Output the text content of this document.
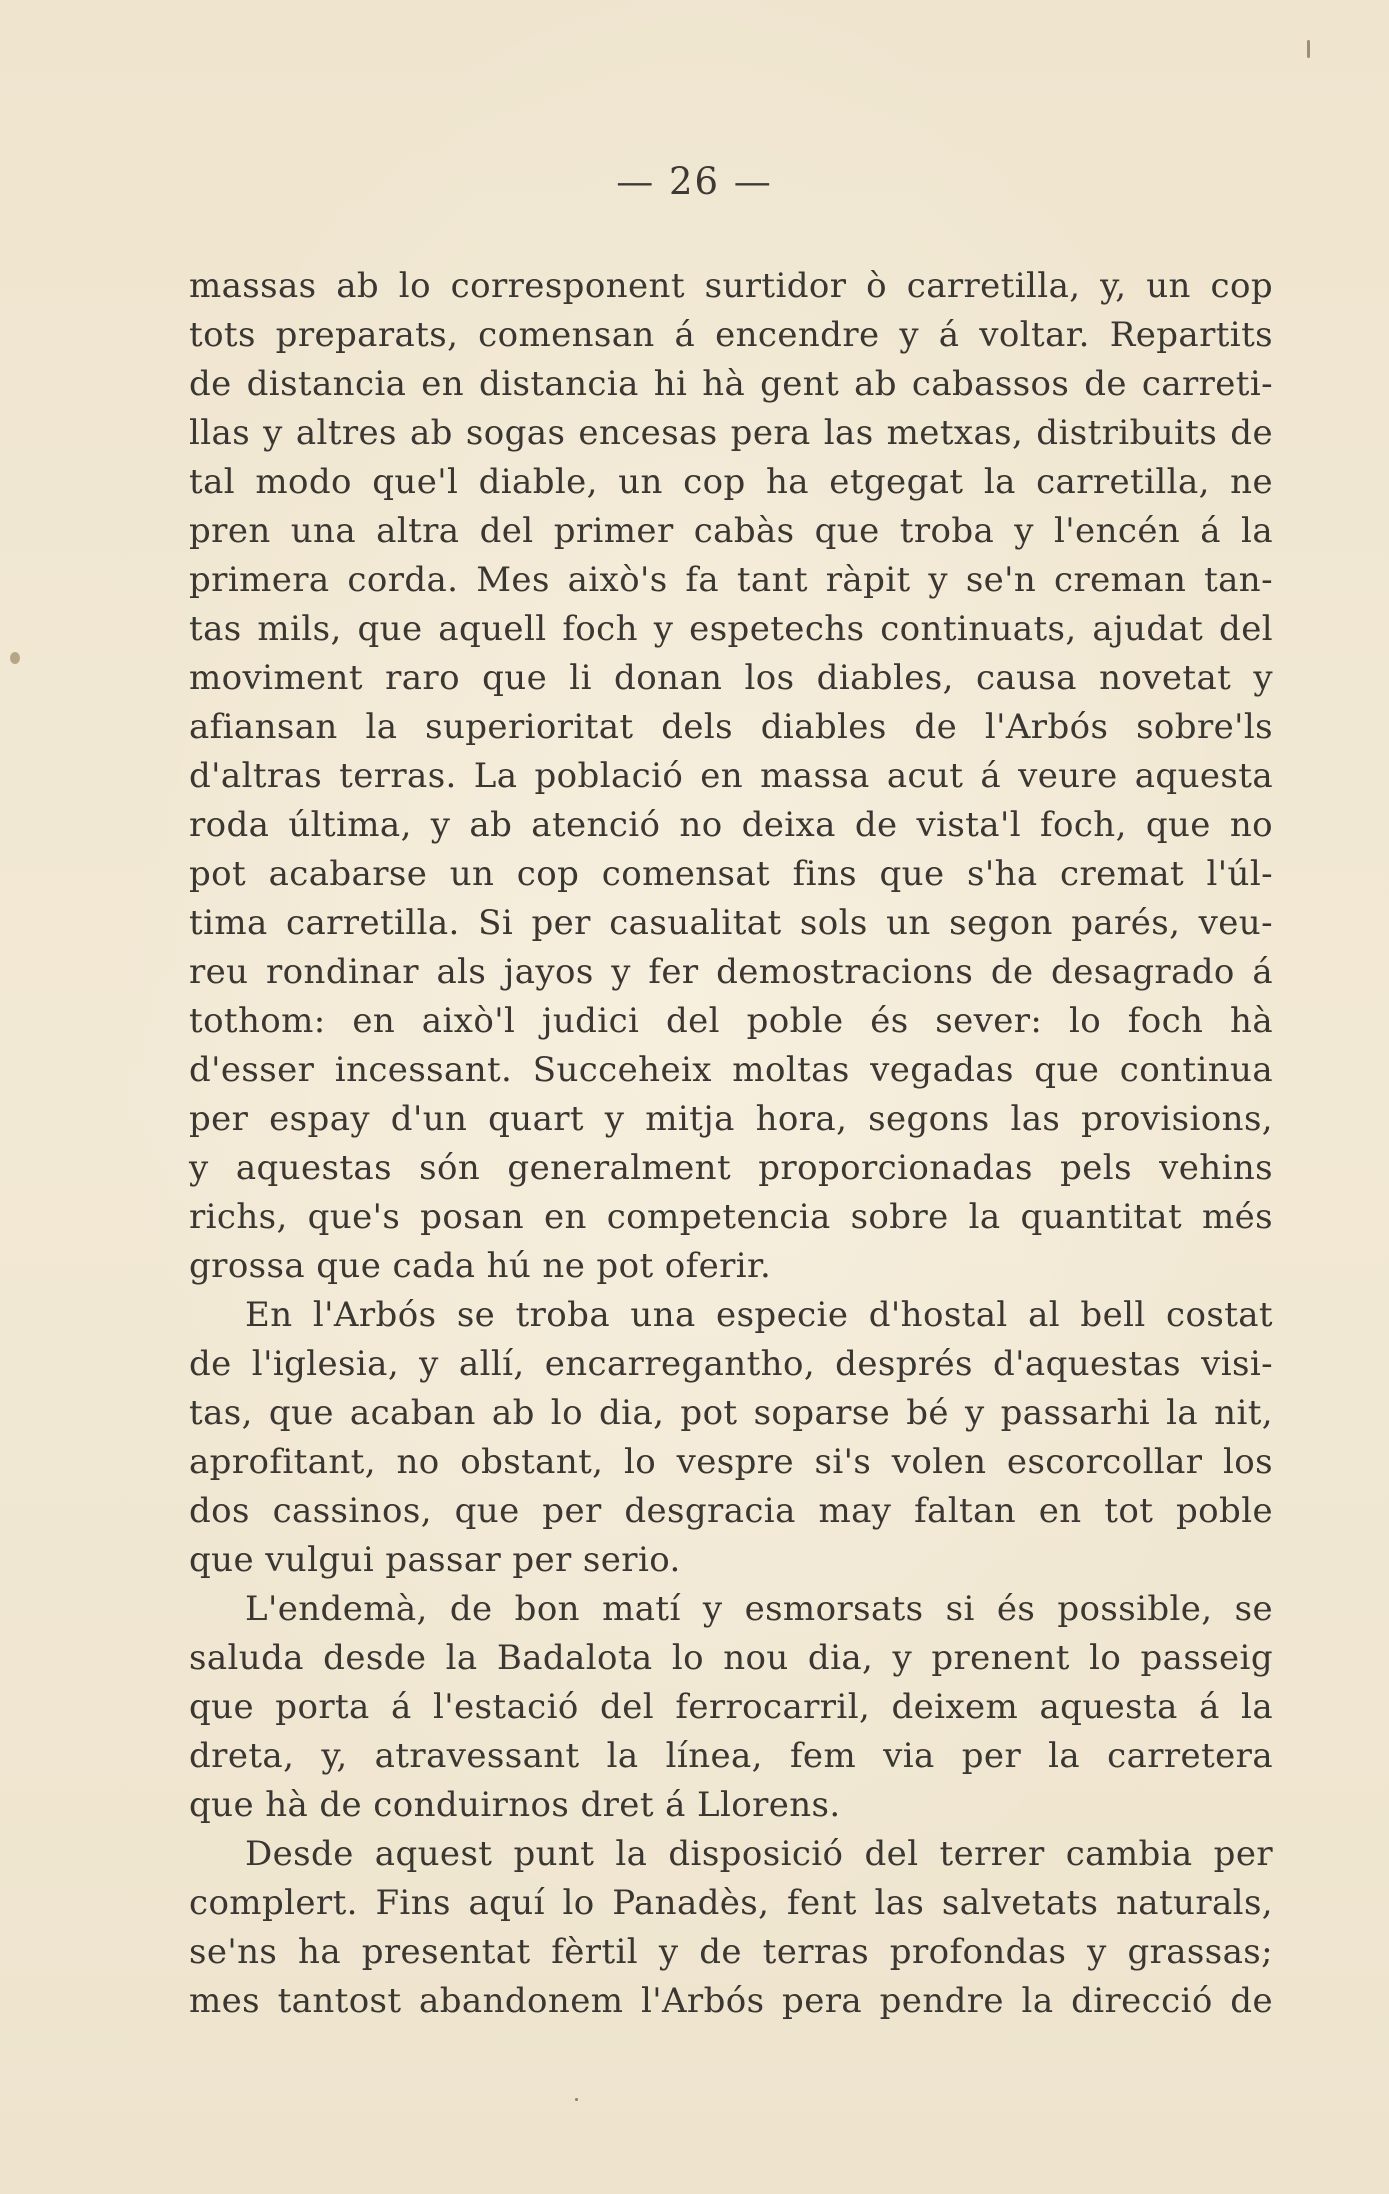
— 26 —
massas ab lo corresponent surtidor ò carretilla, y, un cop
tots preparats, comensan á encendre y á voltar. Repartits
de distancia en distancia hi hà gent ab cabassos de carreti-
llas y altres ab sogas encesas pera las metxas, distribuits de
tal modo que'l diable, un cop ha etgegat la carretilla, ne
pren una altra del primer cabàs que troba y l'encén á la
primera corda. Mes això's fa tant ràpit y se'n creman tan-
tas mils, que aquell foch y espetechs continuats, ajudat del
moviment raro que li donan los diables, causa novetat y
afiansan la superioritat dels diables de l'Arbós sobre'ls
d'altras terras. La població en massa acut á veure aquesta
roda última, y ab atenció no deixa de vista'l foch, que no
pot acabarse un cop comensat fins que s'ha cremat l'úl-
tima carretilla. Si per casualitat sols un segon parés, veu-
reu rondinar als jayos y fer demostracions de desagrado á
tothom: en això'l judici del poble és sever: lo foch hà
d'esser incessant. Succeheix moltas vegadas que continua
per espay d'un quart y mitja hora, segons las provisions,
y aquestas són generalment proporcionadas pels vehins
richs, que's posan en competencia sobre la quantitat més
grossa que cada hú ne pot oferir.
En l'Arbós se troba una especie d'hostal al bell costat
de l'iglesia, y allí, encarregantho, després d'aquestas visi-
tas, que acaban ab lo dia, pot soparse bé y passarhi la nit,
aprofitant, no obstant, lo vespre si's volen escorcollar los
dos cassinos, que per desgracia may faltan en tot poble
que vulgui passar per serio.
L'endemà, de bon matí y esmorsats si és possible, se
saluda desde la Badalota lo nou dia, y prenent lo passeig
que porta á l'estació del ferrocarril, deixem aquesta á la
dreta, y, atravessant la línea, fem via per la carretera
que hà de conduirnos dret á Llorens.
Desde aquest punt la disposició del terrer cambia per
complert. Fins aquí lo Panadès, fent las salvetats naturals,
se'ns ha presentat fèrtil y de terras profondas y grassas;
mes tantost abandonem l'Arbós pera pendre la direcció de
